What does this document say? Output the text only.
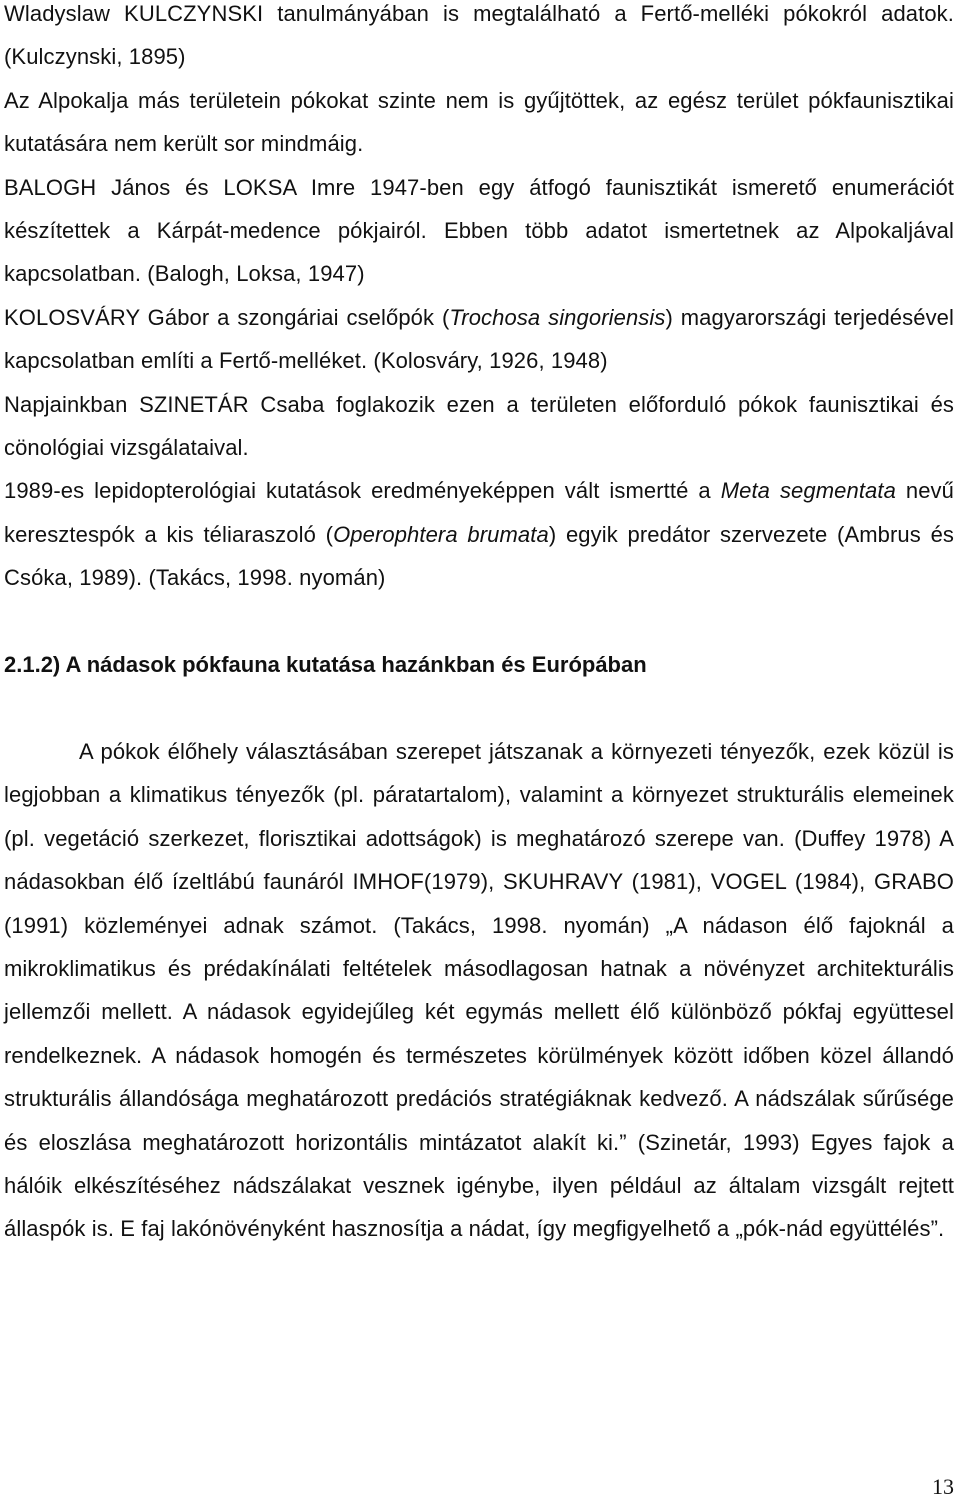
Wladyslaw KULCZYNSKI tanulmányában is megtalálható a Fertő-melléki pókokról adatok. (Kulczynski, 1895)

Az Alpokalja más területein pókokat szinte nem is gyűjtöttek, az egész terület pókfaunisztikai kutatására nem került sor mindmáig.

BALOGH János és LOKSA Imre 1947-ben egy átfogó faunisztikát ismerető enumerációt készítettek a Kárpát-medence pókjairól. Ebben több adatot ismertetnek az Alpokaljával kapcsolatban. (Balogh, Loksa, 1947)

KOLOSVÁRY Gábor a szongáriai cselőpók (Trochosa singoriensis) magyarországi terjedésével kapcsolatban említi a Fertő-melléket. (Kolosváry, 1926, 1948)

Napjainkban SZINETÁR Csaba foglakozik ezen a területen előforduló pókok faunisztikai és cönológiai vizsgálataival.

1989-es lepidopterológiai kutatások eredményeképpen vált ismertté a Meta segmentata nevű keresztespók a kis téliaraszoló (Operophtera brumata) egyik predátor szervezete (Ambrus és Csóka, 1989). (Takács, 1998. nyomán)

2.1.2) A nádasok pókfauna kutatása hazánkban és Európában

A pókok élőhely választásában szerepet játszanak a környezeti tényezők, ezek közül is legjobban a klimatikus tényezők (pl. páratartalom), valamint a környezet strukturális elemeinek (pl. vegetáció szerkezet, florisztikai adottságok) is meghatározó szerepe van. (Duffey 1978) A nádasokban élő ízeltlábú faunáról IMHOF(1979), SKUHRAVY (1981), VOGEL (1984), GRABO (1991) közleményei adnak számot. (Takács, 1998. nyomán) „A nádason élő fajoknál a mikroklimatikus és prédakínálati feltételek másodlagosan hatnak a növényzet architekturális jellemzői mellett. A nádasok egyidejűleg két egymás mellett élő különböző pókfaj együttesel rendelkeznek. A nádasok homogén és természetes körülmények között időben közel állandó strukturális állandósága meghatározott predációs stratégiáknak kedvező. A nádszálak sűrűsége és eloszlása meghatározott horizontális mintázatot alakít ki.” (Szinetár, 1993) Egyes fajok a hálóik elkészítéséhez nádszálakat vesznek igénybe, ilyen például az általam vizsgált rejtett állaspók is. E faj lakónövényként hasznosítja a nádat, így megfigyelhető a „pók-nád együttélés”.

13
